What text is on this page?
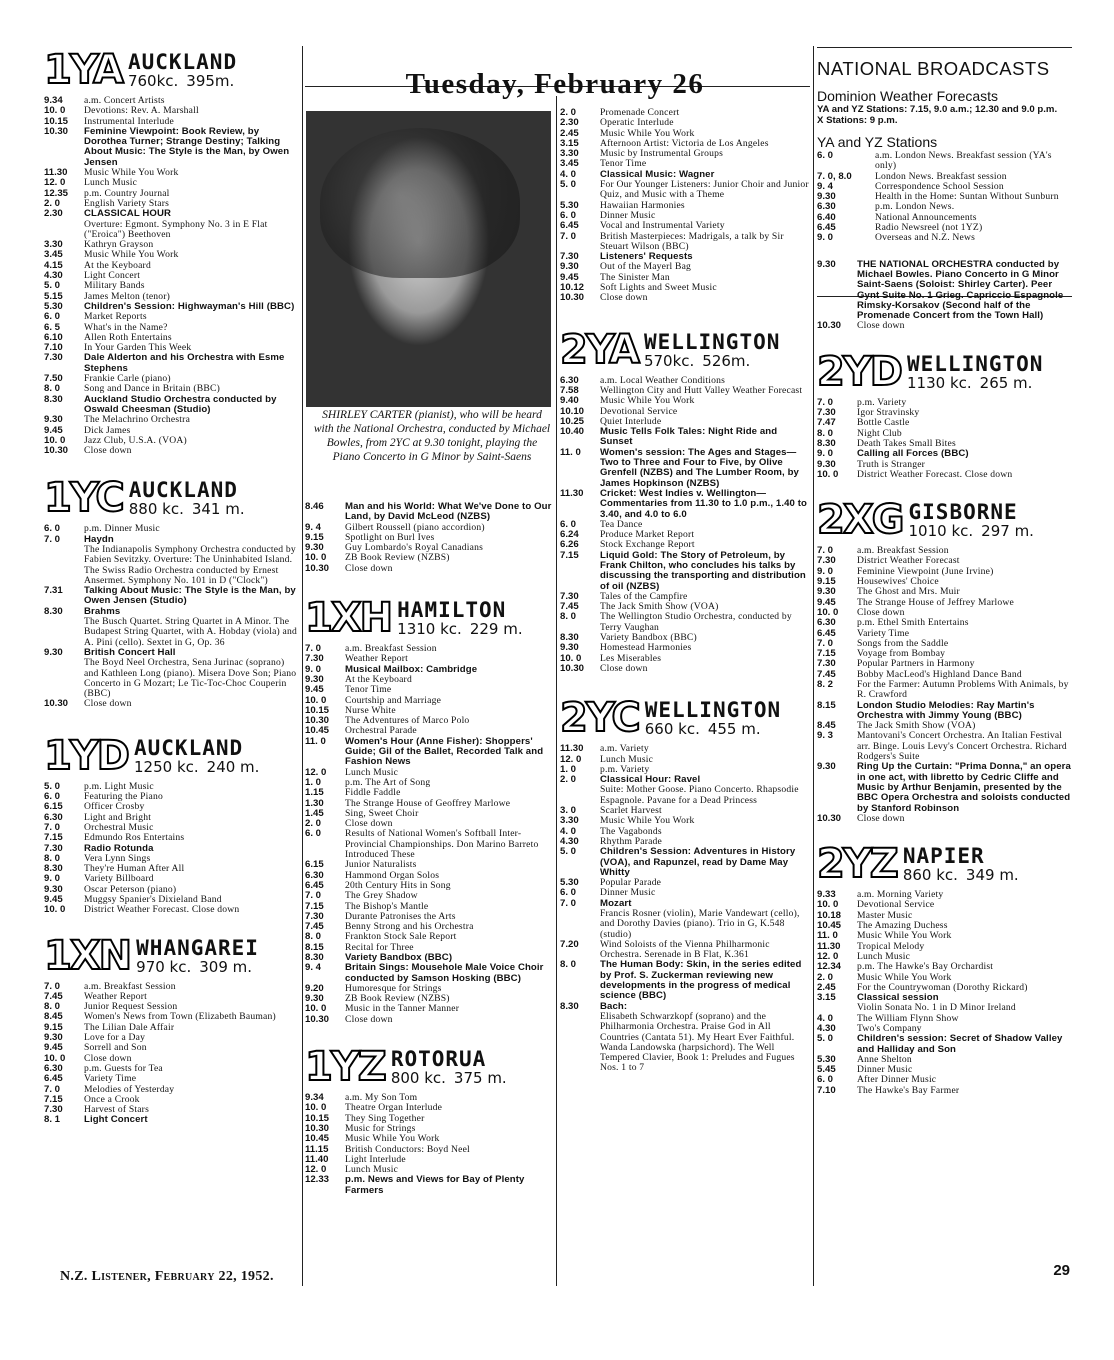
Tuesday, February 26
1YA AUCKLAND
760kc. 395m.
9.34	a.m. Concert Artists
10. 0	Devotions: Rev. A. Marshall
10.15	Instrumental Interlude
10.30	Feminine Viewpoint: Book Review, by Dorothea Turner; Strange Destiny; Talking About Music: The Style is the Man, by Owen Jensen
11.30	Music While You Work
12. 0	Lunch Music
12.35	p.m. Country Journal
2. 0	English Variety Stars
2.30	CLASSICAL HOUR
Overture: Egmont. Symphony No. 3 in E Flat ("Eroica") Beethoven
3.30	Kathryn Grayson
3.45	Music While You Work
4.15	At the Keyboard
4.30	Light Concert
5. 0	Military Bands
5.15	James Melton (tenor)
5.30	Children's Session: Highwayman's Hill (BBC)
6. 0	Market Reports
6. 5	What's in the Name?
6.10	Allen Roth Entertains
7.10	In Your Garden This Week
7.30	Dale Alderton and his Orchestra with Esme Stephens
7.50	Frankie Carle (piano)
8. 0	Song and Dance in Britain (BBC)
8.30	Auckland Studio Orchestra conducted by Oswald Cheesman (Studio)
9.30	The Melachrino Orchestra
9.45	Dick James
10. 0	Jazz Club, U.S.A. (VOA)
10.30	Close down
1YC AUCKLAND
880 kc. 341 m.
6. 0	p.m. Dinner Music
7. 0	Haydn
The Indianapolis Symphony Orchestra conducted by Fabien Sevitzky. Overture: The Uninhabited Island. The Swiss Radio Orchestra conducted by Ernest Ansermet. Symphony No. 101 in D ("Clock")
7.31	Talking About Music: The Style is the Man, by Owen Jensen (Studio)
8.30	Brahms
The Busch Quartet. String Quartet in A Minor. The Budapest String Quartet, with A. Hobday (viola) and A. Pini (cello). Sextet in G, Op. 36
9.30	British Concert Hall
The Boyd Neel Orchestra, Sena Jurinac (soprano) and Kathleen Long (piano). Misera Dove Son; Piano Concerto in G Mozart; Le Tic-Toc-Choc Couperin (BBC)
10.30	Close down
1YD AUCKLAND
1250 kc. 240 m.
5. 0	p.m. Light Music
6. 0	Featuring the Piano
6.15	Officer Crosby
6.30	Light and Bright
7. 0	Orchestral Music
7.15	Edmundo Ros Entertains
7.30	Radio Rotunda
8. 0	Vera Lynn Sings
8.30	They're Human After All
9. 0	Variety Billboard
9.30	Oscar Peterson (piano)
9.45	Muggsy Spanier's Dixieland Band
10. 0	District Weather Forecast. Close down
1XN WHANGAREI
970 kc. 309 m.
7. 0	a.m. Breakfast Session
7.45	Weather Report
8. 0	Junior Request Session
8.45	Women's News from Town (Elizabeth Bauman)
9.15	The Lilian Dale Affair
9.30	Love for a Day
9.45	Sorrell and Son
10. 0	Close down
6.30	p.m. Guests for Tea
6.45	Variety Time
7. 0	Melodies of Yesterday
7.15	Once a Crook
7.30	Harvest of Stars
8. 1	Light Concert
SHIRLEY CARTER (pianist), who will be heard with the National Orchestra, conducted by Michael Bowles, from 2YC at 9.30 tonight, playing the Piano Concerto in G Minor by Saint-Saens
8.46	Man and his World: What We've Done to Our Land, by David McLeod (NZBS)
9. 4	Gilbert Roussell (piano accordion)
9.15	Spotlight on Burl Ives
9.30	Guy Lombardo's Royal Canadians
10. 0	ZB Book Review (NZBS)
10.30	Close down
1XH HAMILTON
1310 kc. 229 m.
7. 0	a.m. Breakfast Session
7.30	Weather Report
9. 0	Musical Mailbox: Cambridge
9.30	At the Keyboard
9.45	Tenor Time
10. 0	Courtship and Marriage
10.15	Nurse White
10.30	The Adventures of Marco Polo
10.45	Orchestral Parade
11. 0	Women's Hour (Anne Fisher): Shoppers' Guide; Gil of the Ballet, Recorded Talk and Fashion News
12. 0	Lunch Music
1. 0	p.m. The Art of Song
1.15	Fiddle Faddle
1.30	The Strange House of Geoffrey Marlowe
1.45	Sing, Sweet Choir
2. 0	Close down
6. 0	Results of National Women's Softball Inter-Provincial Championships. Don Marino Barreto Introduced These
6.15	Junior Naturalists
6.30	Hammond Organ Solos
6.45	20th Century Hits in Song
7. 0	The Grey Shadow
7.15	The Bishop's Mantle
7.30	Durante Patronises the Arts
7.45	Benny Strong and his Orchestra
8. 0	Frankton Stock Sale Report
8.15	Recital for Three
8.30	Variety Bandbox (BBC)
9. 4	Britain Sings: Mousehole Male Voice Choir conducted by Samson Hosking (BBC)
9.20	Humoresque for Strings
9.30	ZB Book Review (NZBS)
10. 0	Music in the Tanner Manner
10.30	Close down
1YZ ROTORUA
800 kc. 375 m.
9.34	a.m. My Son Tom
10. 0	Theatre Organ Interlude
10.15	They Sing Together
10.30	Music for Strings
10.45	Music While You Work
11.15	British Conductors: Boyd Neel
11.40	Light Interlude
12. 0	Lunch Music
12.33	p.m. News and Views for Bay of Plenty Farmers
2. 0	Promenade Concert
2.30	Operatic Interlude
2.45	Music While You Work
3.15	Afternoon Artist: Victoria de Los Angeles
3.30	Music by Instrumental Groups
3.45	Tenor Time
4. 0	Classical Music: Wagner
5. 0	For Our Younger Listeners: Junior Choir and Junior Quiz, and Music with a Theme
5.30	Hawaiian Harmonies
6. 0	Dinner Music
6.45	Vocal and Instrumental Variety
7. 0	British Masterpieces: Madrigals, a talk by Sir Steuart Wilson (BBC)
7.30	Listeners' Requests
9.30	Out of the Mayerl Bag
9.45	The Sinister Man
10.12	Soft Lights and Sweet Music
10.30	Close down
2YA WELLINGTON
570kc. 526m.
6.30	a.m. Local Weather Conditions
7.58	Wellington City and Hutt Valley Weather Forecast
9.40	Music While You Work
10.10	Devotional Service
10.25	Quiet Interlude
10.40	Music Tells Folk Tales: Night Ride and Sunset
11. 0	Women's session: The Ages and Stages—Two to Three and Four to Five, by Olive Grenfell (NZBS) and The Lumber Room, by James Hopkinson (NZBS)
11.30	Cricket: West Indies v. Wellington—Commentaries from 11.30 to 1.0 p.m., 1.40 to 3.40, and 4.0 to 6.0
6. 0	Tea Dance
6.24	Produce Market Report
6.26	Stock Exchange Report
7.15	Liquid Gold: The Story of Petroleum, by Frank Chilton, who concludes his talks by discussing the transporting and distribution of oil (NZBS)
7.30	Tales of the Campfire
7.45	The Jack Smith Show (VOA)
8. 0	The Wellington Studio Orchestra, conducted by Terry Vaughan
8.30	Variety Bandbox (BBC)
9.30	Homestead Harmonies
10. 0	Les Miserables
10.30	Close down
2YC WELLINGTON
660 kc. 455 m.
11.30	a.m. Variety
12. 0	Lunch Music
1. 0	p.m. Variety
2. 0	Classical Hour: Ravel
Suite: Mother Goose. Piano Concerto. Rhapsodie Espagnole. Pavane for a Dead Princess
3. 0	Scarlet Harvest
3.30	Music While You Work
4. 0	The Vagabonds
4.30	Rhythm Parade
5. 0	Children's Session: Adventures in History (VOA), and Rapunzel, read by Dame May Whitty
5.30	Popular Parade
6. 0	Dinner Music
7. 0	Mozart
Francis Rosner (violin), Marie Vandewart (cello), and Dorothy Davies (piano). Trio in G, K.548 (studio)
7.20	Wind Soloists of the Vienna Philharmonic Orchestra. Serenade in B Flat, K.361
8. 0	The Human Body: Skin, in the series edited by Prof. S. Zuckerman reviewing new developments in the progress of medical science (BBC)
8.30	Bach:
Elisabeth Schwarzkopf (soprano) and the Philharmonia Orchestra. Praise God in All Countries (Cantata 51). My Heart Ever Faithful. Wanda Landowska (harpsichord). The Well Tempered Clavier, Book 1: Preludes and Fugues Nos. 1 to 7
NATIONAL BROADCASTS
Dominion Weather Forecasts
YA and YZ Stations: 7.15, 9.0 a.m.; 12.30 and 9.0 p.m.
X Stations: 9 p.m.
YA and YZ Stations
6. 0	a.m. London News. Breakfast session (YA's only)
7. 0, 8.0	London News. Breakfast session
9. 4	Correspondence School Session
9.30	Health in the Home: Suntan Without Sunburn
6.30	p.m. London News.
6.40	National Announcements
6.45	Radio Newsreel (not 1YZ)
9. 0	Overseas and N.Z. News
9.30	THE NATIONAL ORCHESTRA conducted by Michael Bowles. Piano Concerto in G Minor Saint-Saens (Soloist: Shirley Carter). Peer Gynt Suite No. 1 Grieg. Capriccio Espagnole Rimsky-Korsakov (Second half of the Promenade Concert from the Town Hall)
10.30	Close down
2YD WELLINGTON
1130 kc. 265 m.
7. 0	p.m. Variety
7.30	Igor Stravinsky
7.47	Bottle Castle
8. 0	Night Club
8.30	Death Takes Small Bites
9. 0	Calling all Forces (BBC)
9.30	Truth is Stranger
10. 0	District Weather Forecast. Close down
2XG GISBORNE
1010 kc. 297 m.
7. 0	a.m. Breakfast Session
7.30	District Weather Forecast
9. 0	Feminine Viewpoint (June Irvine)
9.15	Housewives' Choice
9.30	The Ghost and Mrs. Muir
9.45	The Strange House of Jeffrey Marlowe
10. 0	Close down
6.30	p.m. Ethel Smith Entertains
6.45	Variety Time
7. 0	Songs from the Saddle
7.15	Voyage from Bombay
7.30	Popular Partners in Harmony
7.45	Bobby MacLeod's Highland Dance Band
8. 2	For the Farmer: Autumn Problems With Animals, by R. Crawford
8.15	London Studio Melodies: Ray Martin's Orchestra with Jimmy Young (BBC)
8.45	The Jack Smith Show (VOA)
9. 3	Mantovani's Concert Orchestra. An Italian Festival arr. Binge. Louis Levy's Concert Orchestra. Richard Rodgers's Suite
9.30	Ring Up the Curtain: "Prima Donna," an opera in one act, with libretto by Cedric Cliffe and Music by Arthur Benjamin, presented by the BBC Opera Orchestra and soloists conducted by Stanford Robinson
10.30	Close down
2YZ NAPIER
860 kc. 349 m.
9.33	a.m. Morning Variety
10. 0	Devotional Service
10.18	Master Music
10.45	The Amazing Duchess
11. 0	Music While You Work
11.30	Tropical Melody
12. 0	Lunch Music
12.34	p.m. The Hawke's Bay Orchardist
2. 0	Music While You Work
2.45	For the Countrywoman (Dorothy Rickard)
3.15	Classical session
Violin Sonata No. 1 in D Minor Ireland
4. 0	The William Flynn Show
4.30	Two's Company
5. 0	Children's session: Secret of Shadow Valley and Halliday and Son
5.30	Anne Shelton
5.45	Dinner Music
6. 0	After Dinner Music
7.10	The Hawke's Bay Farmer
N.Z. Listener, February 22, 1952.	29
